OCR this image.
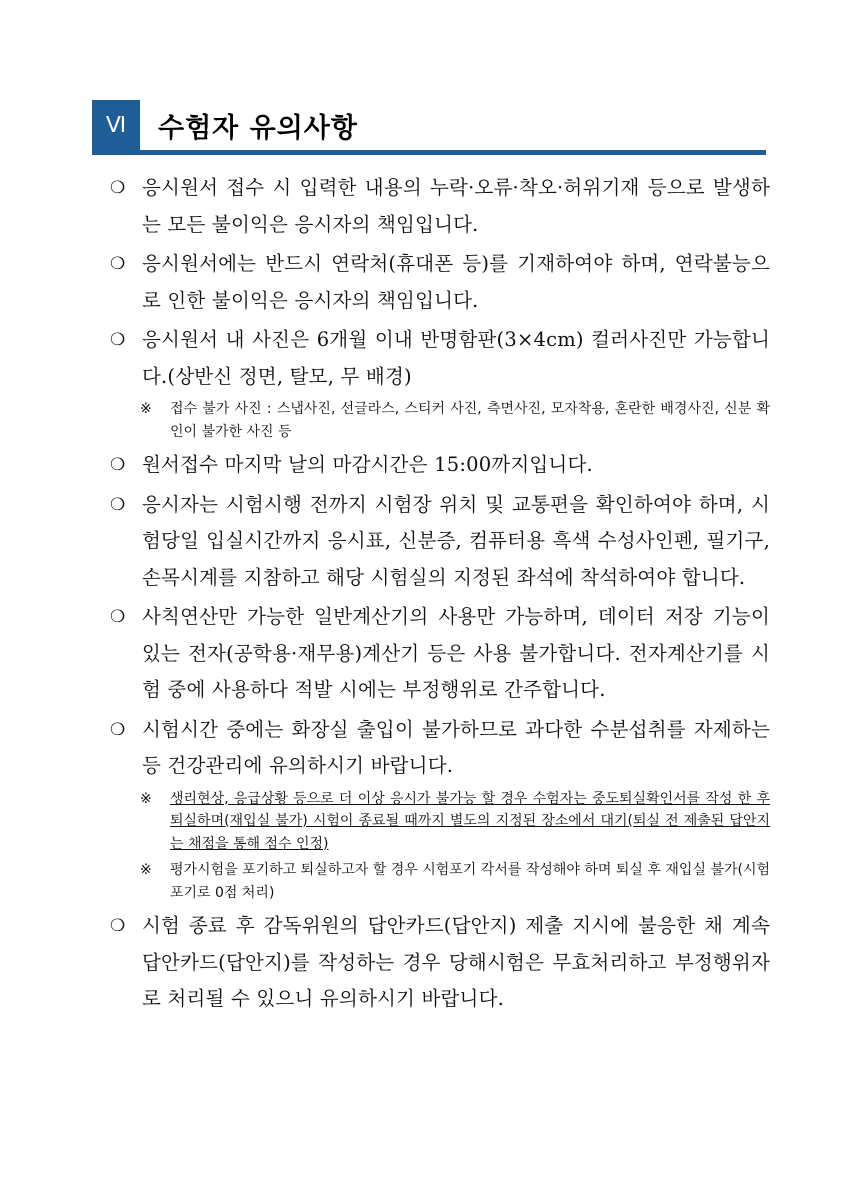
Ⅵ	수험자 유의사항
❍ 응시원서 접수 시 입력한 내용의 누락·오류·착오·허위기재 등으로 발생하는 모든 불이익은 응시자의 책임입니다.
❍ 응시원서에는 반드시 연락처(휴대폰 등)를 기재하여야 하며, 연락불능으로 인한 불이익은 응시자의 책임입니다.
❍ 응시원서 내 사진은 6개월 이내 반명함판(3×4cm) 컬러사진만 가능합니다.(상반신 정면, 탈모, 무 배경)
※ 접수 불가 사진 : 스냅사진, 선글라스, 스티커 사진, 측면사진, 모자착용, 혼란한 배경사진, 신분 확인이 불가한 사진 등
❍ 원서접수 마지막 날의 마감시간은 15:00까지입니다.
❍ 응시자는 시험시행 전까지 시험장 위치 및 교통편을 확인하여야 하며, 시험당일 입실시간까지 응시표, 신분증, 컴퓨터용 흑색 수성사인펜, 필기구, 손목시계를 지참하고 해당 시험실의 지정된 좌석에 착석하여야 합니다.
❍ 사칙연산만 가능한 일반계산기의 사용만 가능하며, 데이터 저장 기능이 있는 전자(공학용·재무용)계산기 등은 사용 불가합니다. 전자계산기를 시험 중에 사용하다 적발 시에는 부정행위로 간주합니다.
❍ 시험시간 중에는 화장실 출입이 불가하므로 과다한 수분섭취를 자제하는 등 건강관리에 유의하시기 바랍니다.
※ 생리현상, 응급상황 등으로 더 이상 응시가 불가능 할 경우 수험자는 중도퇴실확인서를 작성 한 후 퇴실하며(재입실 불가) 시험이 종료될 때까지 별도의 지정된 장소에서 대기(퇴실 전 제출된 답안지는 채점을 통해 점수 인정)
※ 평가시험을 포기하고 퇴실하고자 할 경우 시험포기 각서를 작성해야 하며 퇴실 후 재입실 불가(시험 포기로 0점 처리)
❍ 시험 종료 후 감독위원의 답안카드(답안지) 제출 지시에 불응한 채 계속 답안카드(답안지)를 작성하는 경우 당해시험은 무효처리하고 부정행위자로 처리될 수 있으니 유의하시기 바랍니다.
